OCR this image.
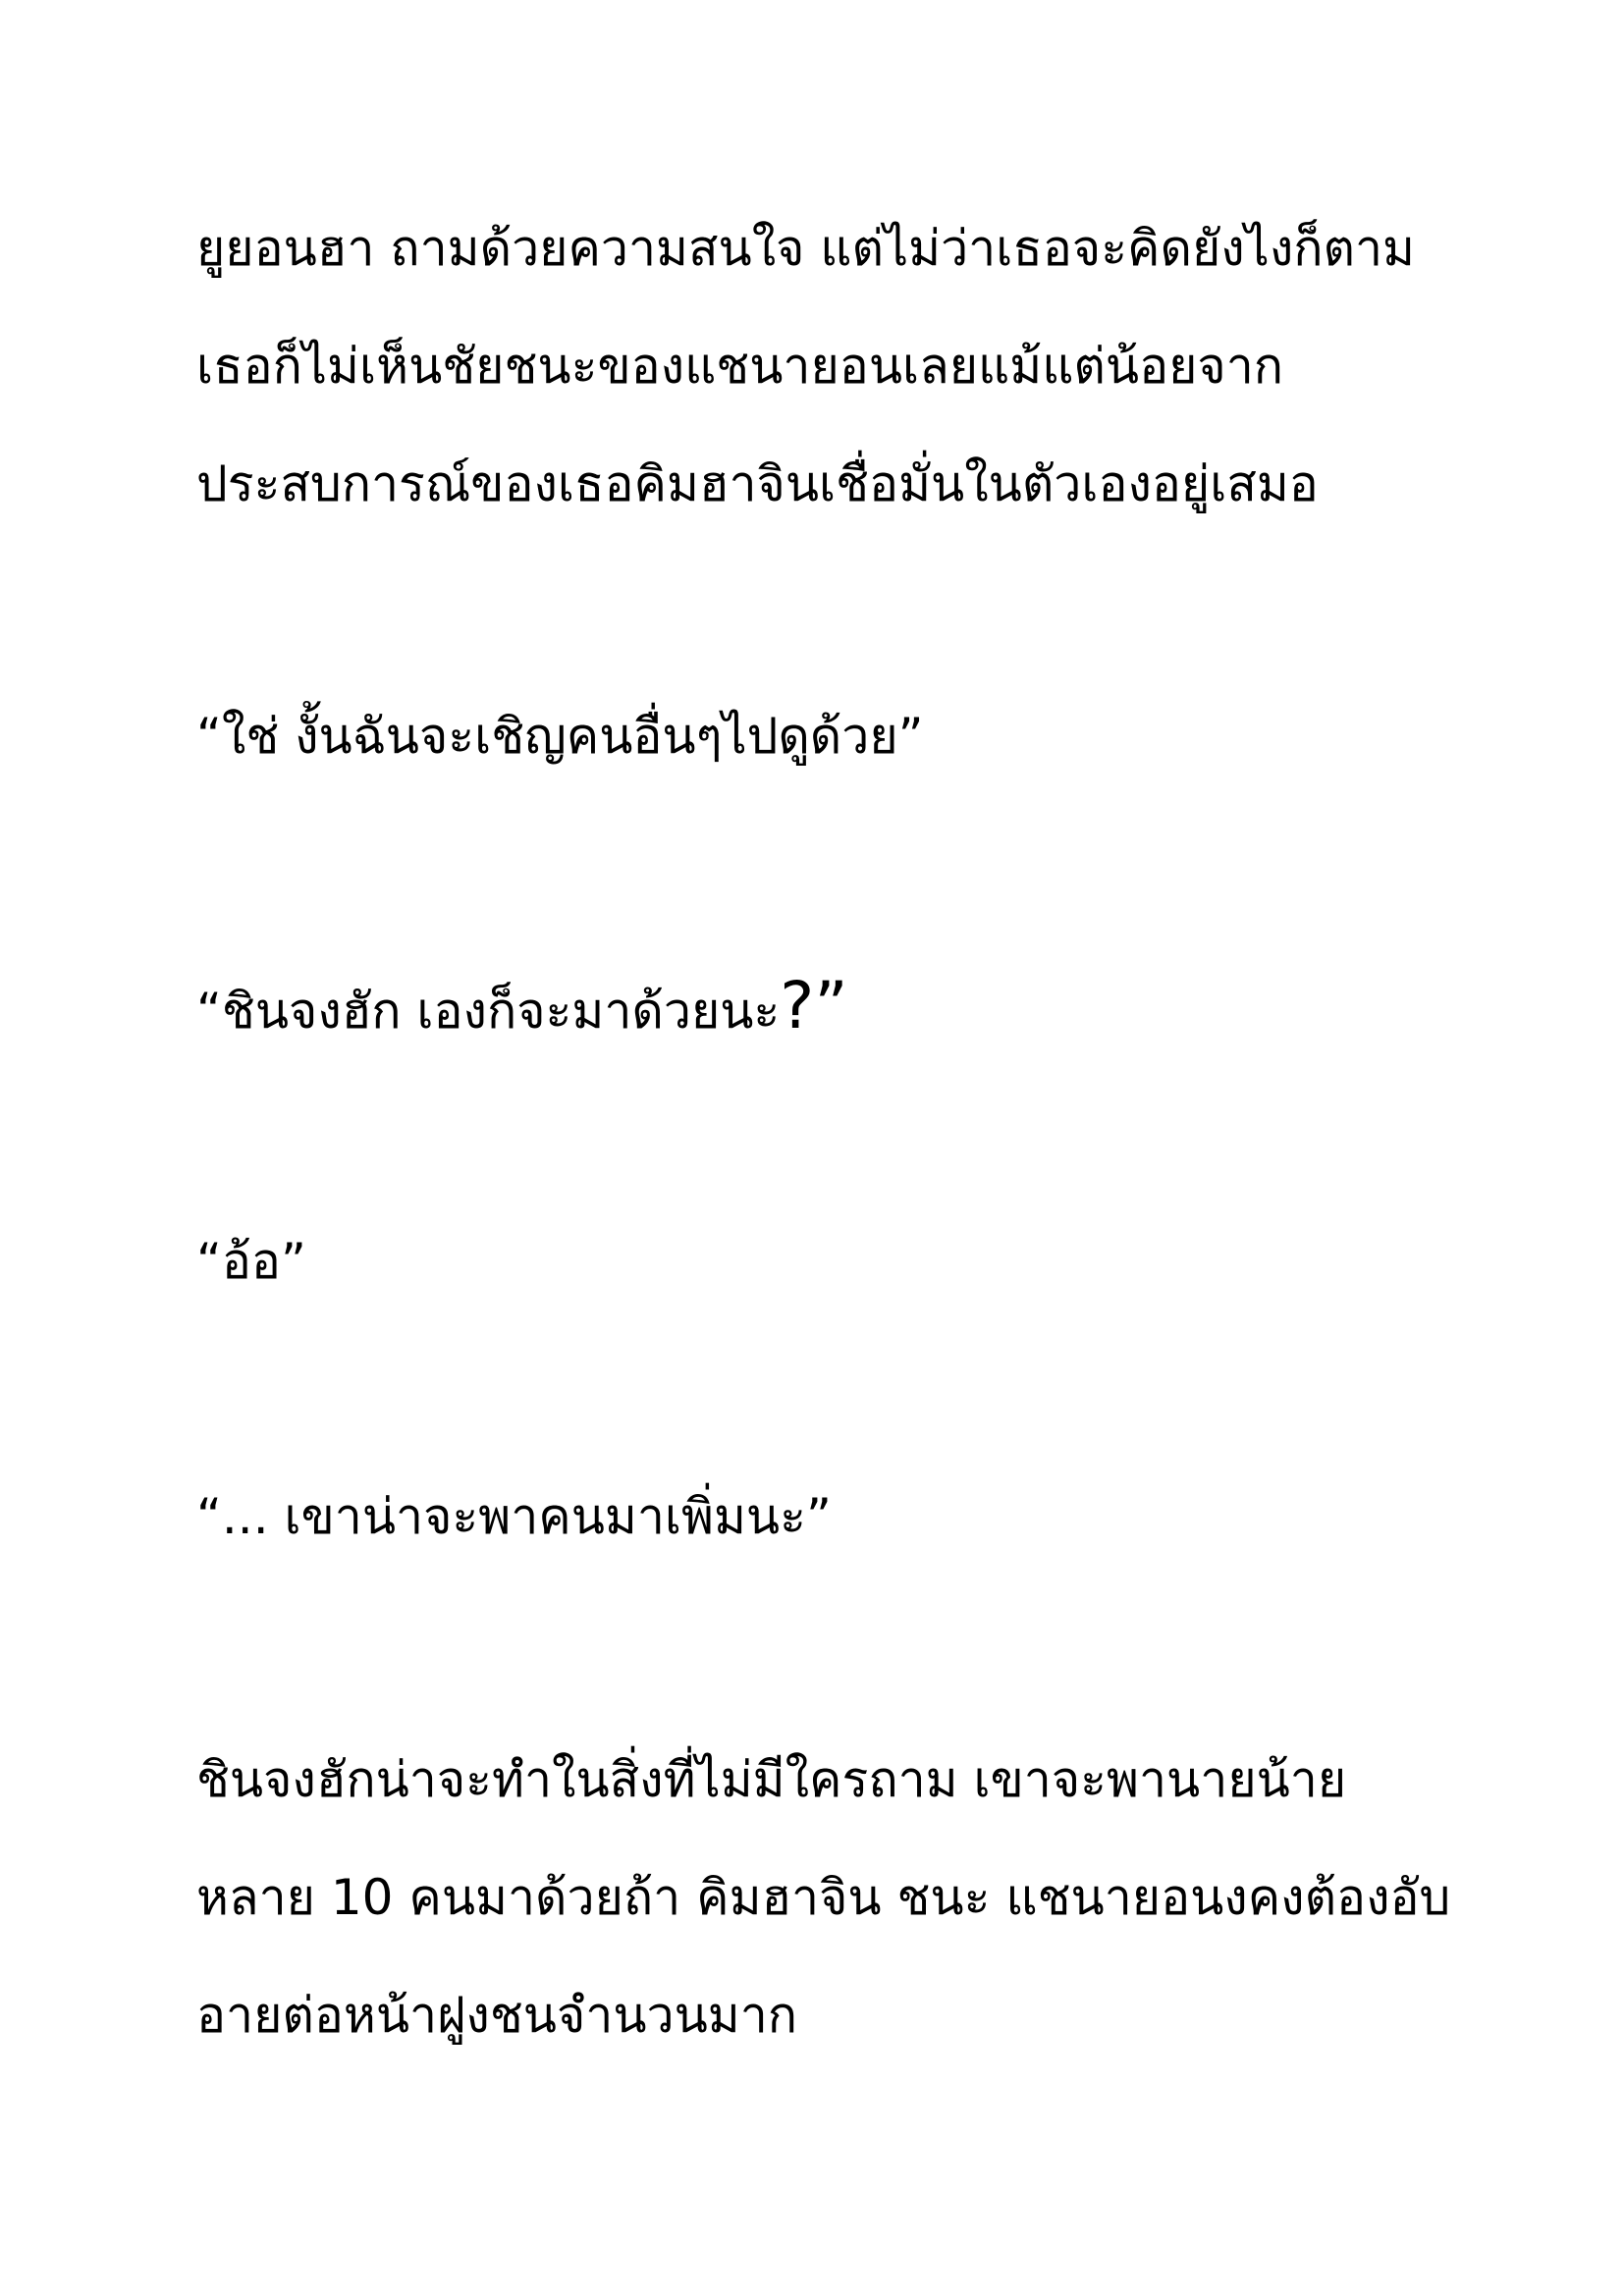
ยูยอนฮา ถามด้วยความสนใจ แต่ไม่ว่าเธอจะคิดยังไงก็ตาม
เธอก็ไม่เห็นชัยชนะของแชนายอนเลยแม้แต่น้อยจาก
ประสบการณ์ของเธอคิมฮาจินเชื่อมั่นในตัวเองอยู่เสมอ
“ใช่ งั้นฉันจะเชิญคนอื่นๆไปดูด้วย”
“ชินจงฮัก เองก็จะมาด้วยนะ?”
“อ้อ”
“... เขาน่าจะพาคนมาเพิ่มนะ”
ชินจงฮักน่าจะทำในสิ่งที่ไม่มีใครถาม เขาจะพานายน้าย
หลาย 10 คนมาด้วยถ้า คิมฮาจิน ชนะ แชนายอนงคงต้องอับ
อายต่อหน้าฝูงชนจำนวนมาก
